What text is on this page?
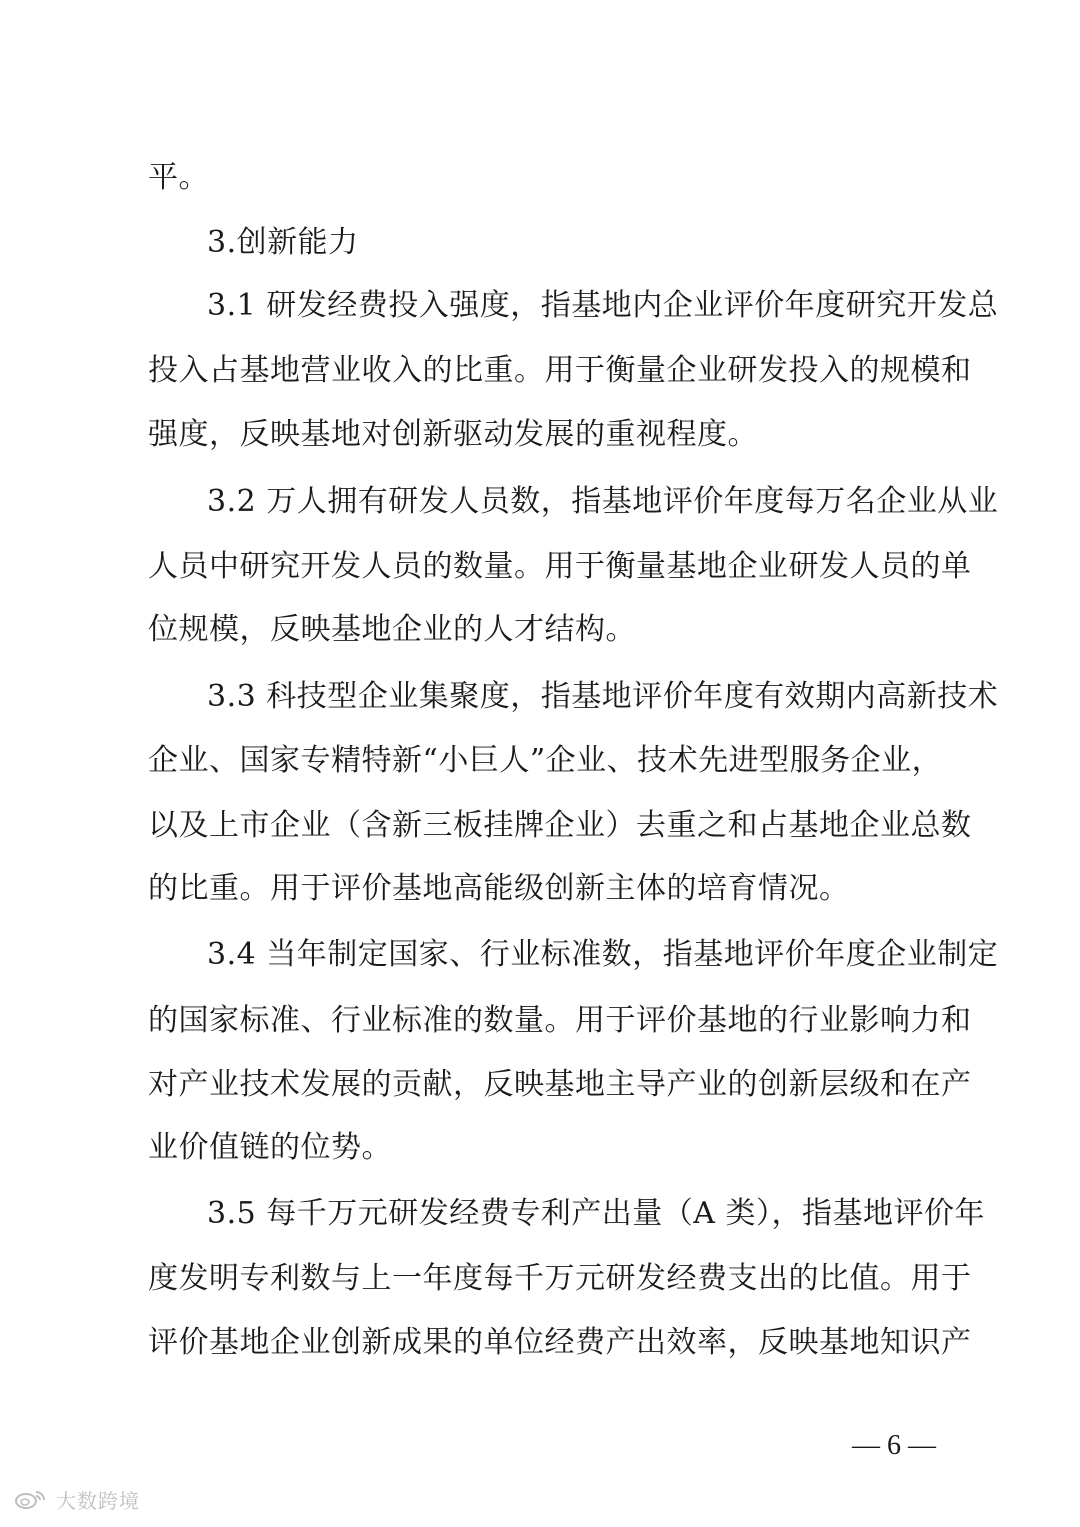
平。
3.创新能力
3.1 研发经费投入强度，指基地内企业评价年度研究开发总
投入占基地营业收入的比重。用于衡量企业研发投入的规模和
强度，反映基地对创新驱动发展的重视程度。
3.2 万人拥有研发人员数，指基地评价年度每万名企业从业
人员中研究开发人员的数量。用于衡量基地企业研发人员的单
位规模，反映基地企业的人才结构。
3.3 科技型企业集聚度，指基地评价年度有效期内高新技术
企业、国家专精特新“小巨人”企业、技术先进型服务企业，
以及上市企业（含新三板挂牌企业）去重之和占基地企业总数
的比重。用于评价基地高能级创新主体的培育情况。
3.4 当年制定国家、行业标准数，指基地评价年度企业制定
的国家标准、行业标准的数量。用于评价基地的行业影响力和
对产业技术发展的贡献，反映基地主导产业的创新层级和在产
业价值链的位势。
3.5 每千万元研发经费专利产出量（A 类），指基地评价年
度发明专利数与上一年度每千万元研发经费支出的比值。用于
评价基地企业创新成果的单位经费产出效率，反映基地知识产
— 6 —
大数跨境
